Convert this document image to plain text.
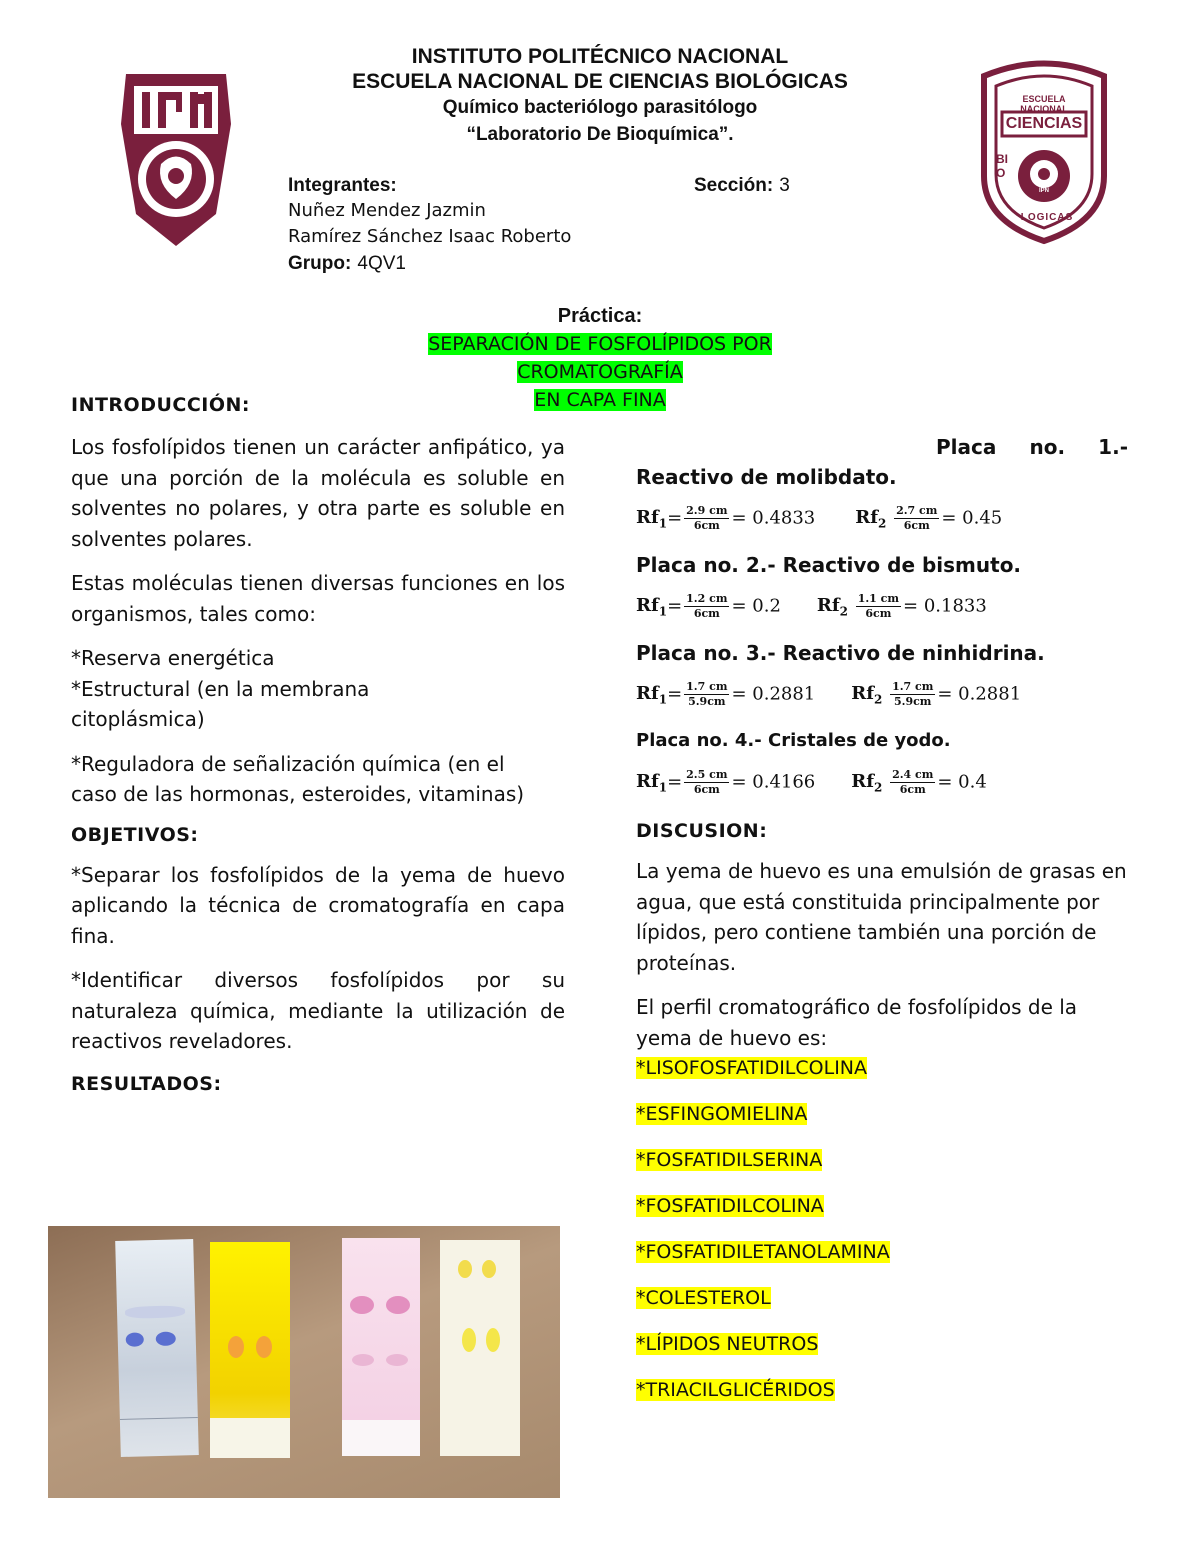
ESCUELA NACIONAL
CIENCIAS
BIO
LOGICAS
IPN
INSTITUTO POLITÉCNICO NACIONAL
ESCUELA NACIONAL DE CIENCIAS BIOLÓGICAS
Químico bacteriólogo parasitólogo
“Laboratorio De Bioquímica”.
Integrantes:	Sección: 3
Nuñez Mendez Jazmin
Ramírez Sánchez Isaac Roberto
Grupo: 4QV1
Práctica:
SEPARACIÓN DE FOSFOLÍPIDOS POR
CROMATOGRAFÍA
EN CAPA FINA
INTRODUCCIÓN:
Los fosfolípidos tienen un carácter anfipático, ya que una porción de la molécula es soluble en solventes no polares, y otra parte es soluble en solventes polares.
Estas moléculas tienen diversas funciones en los organismos, tales como:
*Reserva energética
*Estructural (en la membrana citoplásmica)
*Reguladora de señalización química (en el caso de las hormonas, esteroides, vitaminas)
OBJETIVOS:
*Separar los fosfolípidos de la yema de huevo aplicando la técnica de cromatografía en capa fina.
*Identificar diversos fosfolípidos por su naturaleza química, mediante la utilización de reactivos reveladores.
RESULTADOS:
Placa no. 1.-
Reactivo de molibdato.
$Rf_1= \frac{2.9 cm}{6cm} = 0.4833$ $Rf_2 \frac{2.7 cm}{6cm} = 0.45$
Placa no. 2.- Reactivo de bismuto.
$Rf_1= \frac{1.2 cm}{6cm} = 0.2$ $Rf_2 \frac{1.1 cm}{6cm} = 0.1833$
Placa no. 3.- Reactivo de ninhidrina.
$Rf_1= \frac{1.7 cm}{5.9cm} = 0.2881$ $Rf_2 \frac{1.7 cm}{5.9cm} = 0.2881$
Placa no. 4.- Cristales de yodo.
$Rf_1= \frac{2.5 cm}{6cm} = 0.4166$ $Rf_2 \frac{2.4 cm}{6cm} = 0.4$
DISCUSION:
La yema de huevo es una emulsión de grasas en agua, que está constituida principalmente por lípidos, pero contiene también una porción de proteínas.
El perfil cromatográfico de fosfolípidos de la yema de huevo es:
*LISOFOSFATIDILCOLINA
*ESFINGOMIELINA
*FOSFATIDILSERINA
*FOSFATIDILCOLINA
*FOSFATIDILETANOLAMINA
*COLESTEROL
*LÍPIDOS NEUTROS
*TRIACILGLICÉRIDOS
